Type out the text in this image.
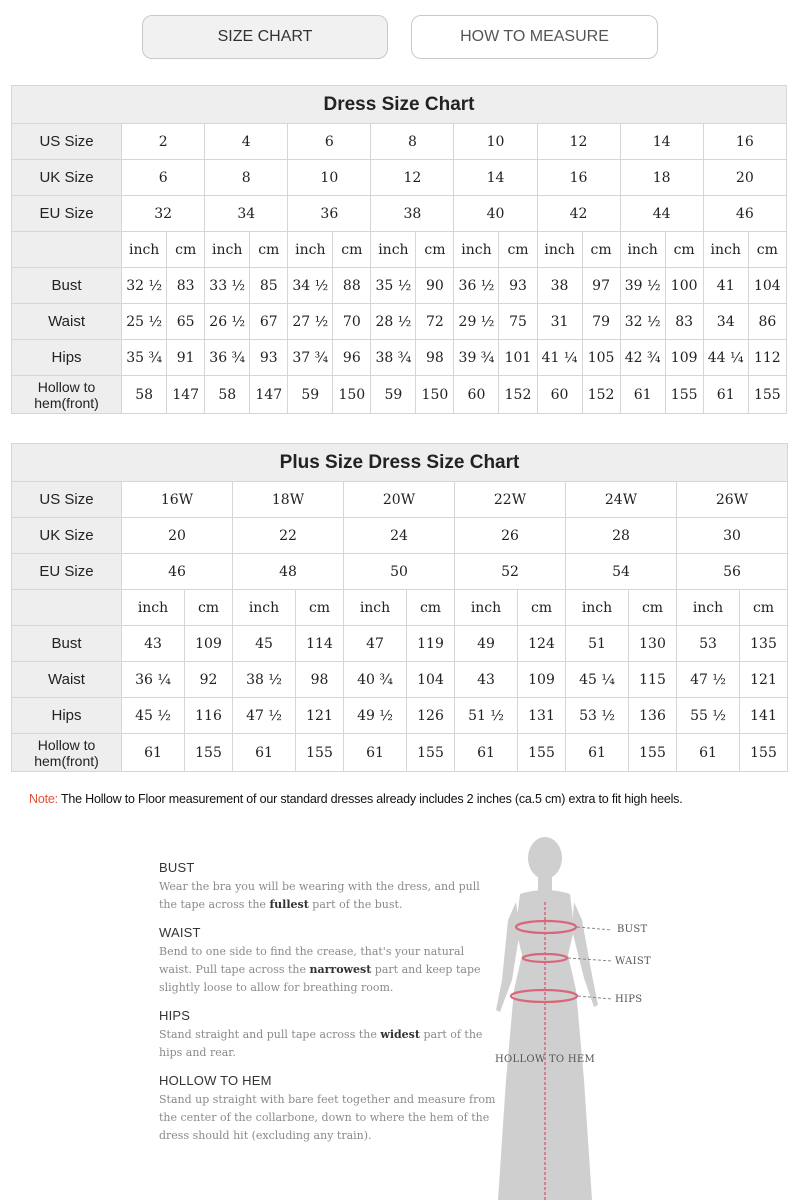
SIZE CHART	HOW TO MEASURE
Dress Size Chart																
US Size	2		4		6		8		10		12		14		16	
UK Size	6		8		10		12		14		16		18		20	
EU Size	32		34		36		38		40		42		44		46	
	inch	cm	inch	cm	inch	cm	inch	cm	inch	cm	inch	cm	inch	cm	inch	cm
Bust	32 ½	83	33 ½	85	34 ½	88	35 ½	90	36 ½	93	38	97	39 ½	100	41	104
Waist	25 ½	65	26 ½	67	27 ½	70	28 ½	72	29 ½	75	31	79	32 ½	83	34	86
Hips	35 ¾	91	36 ¾	93	37 ¾	96	38 ¾	98	39 ¾	101	41 ¼	105	42 ¾	109	44 ¼	112
Hollow to hem(front)	58	147	58	147	59	150	59	150	60	152	60	152	61	155	61	155
Plus Size Dress Size Chart												
US Size	16W		18W		20W		22W		24W		26W	
UK Size	20		22		24		26		28		30	
EU Size	46		48		50		52		54		56	
	inch	cm	inch	cm	inch	cm	inch	cm	inch	cm	inch	cm
Bust	43	109	45	114	47	119	49	124	51	130	53	135
Waist	36 ¼	92	38 ½	98	40 ¾	104	43	109	45 ¼	115	47 ½	121
Hips	45 ½	116	47 ½	121	49 ½	126	51 ½	131	53 ½	136	55 ½	141
Hollow to hem(front)	61	155	61	155	61	155	61	155	61	155	61	155
Note: The Hollow to Floor measurement of our standard dresses already includes 2 inches (ca.5 cm) extra to fit high heels.
BUST
Wear the bra you will be wearing with the dress, and pull the tape across the fullest part of the bust.
WAIST
Bend to one side to find the crease, that's your natural waist. Pull tape across the narrowest part and keep tape slightly loose to allow for breathing room.
HIPS
Stand straight and pull tape across the widest part of the hips and rear.
HOLLOW TO HEM
Stand up straight with bare feet together and measure from the center of the collarbone, down to where the hem of the dress should hit (excluding any train).
BUST
WAIST
HIPS
HOLLOW TO HEM
